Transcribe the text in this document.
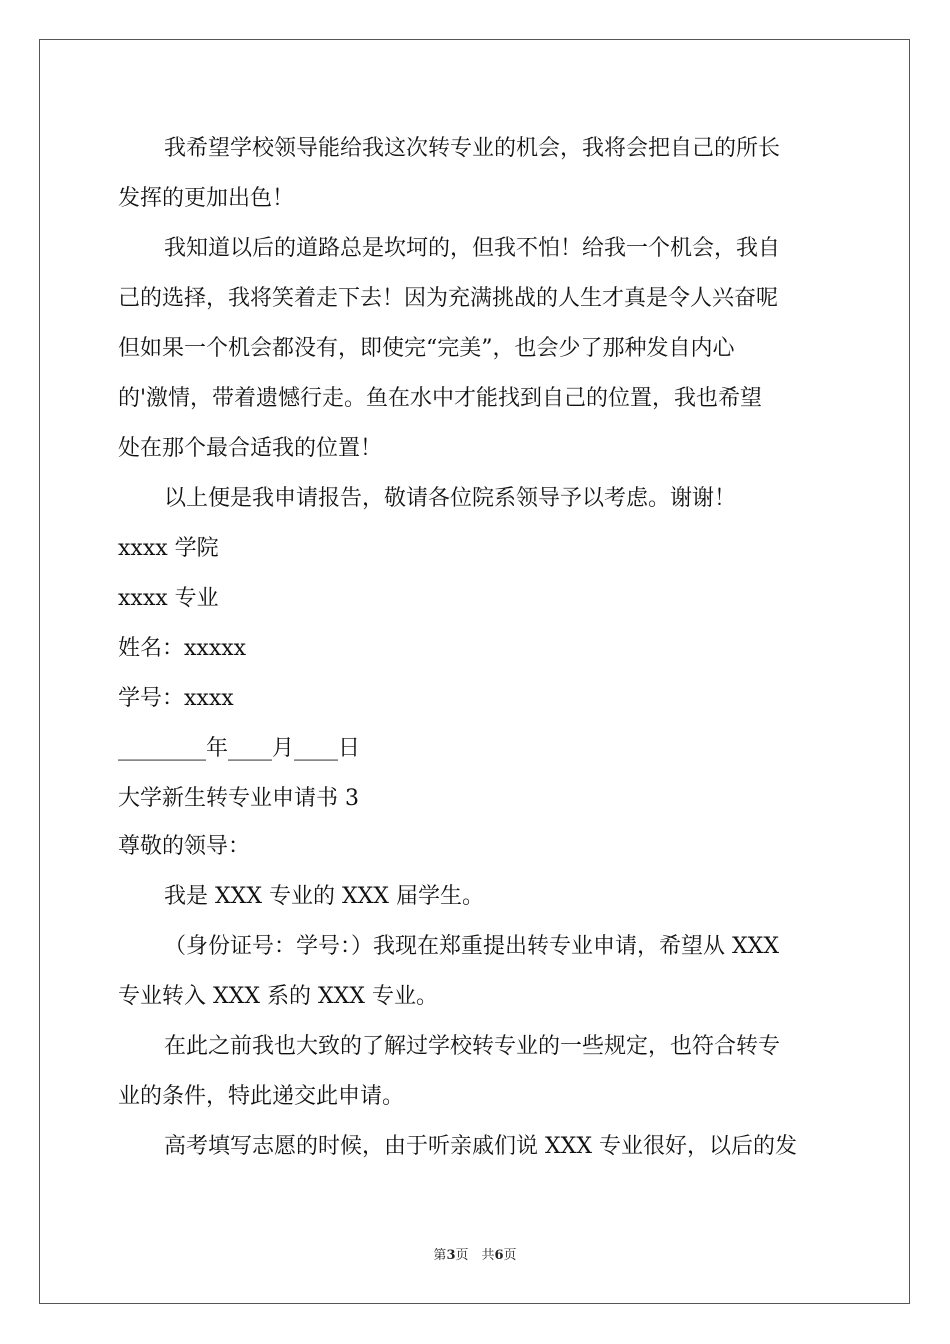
我希望学校领导能给我这次转专业的机会，我将会把自己的所长
发挥的更加出色！
我知道以后的道路总是坎坷的，但我不怕！给我一个机会，我自
己的选择，我将笑着走下去！因为充满挑战的人生才真是令人兴奋呢
但如果一个机会都没有，即使完“完美”，也会少了那种发自内心
的'激情，带着遗憾行走。鱼在水中才能找到自己的位置，我也希望
处在那个最合适我的位置！
以上便是我申请报告，敬请各位院系领导予以考虑。谢谢！
xxxx 学院
xxxx 专业
姓名：xxxxx
学号：xxxx
________年____月____日
大学新生转专业申请书 3
尊敬的领导：
我是 XXX 专业的 XXX 届学生。
（身份证号：学号：）我现在郑重提出转专业申请，希望从 XXX
专业转入 XXX 系的 XXX 专业。
在此之前我也大致的了解过学校转专业的一些规定，也符合转专
业的条件，特此递交此申请。
高考填写志愿的时候，由于听亲戚们说 XXX 专业很好，以后的发
第3页　共6页
